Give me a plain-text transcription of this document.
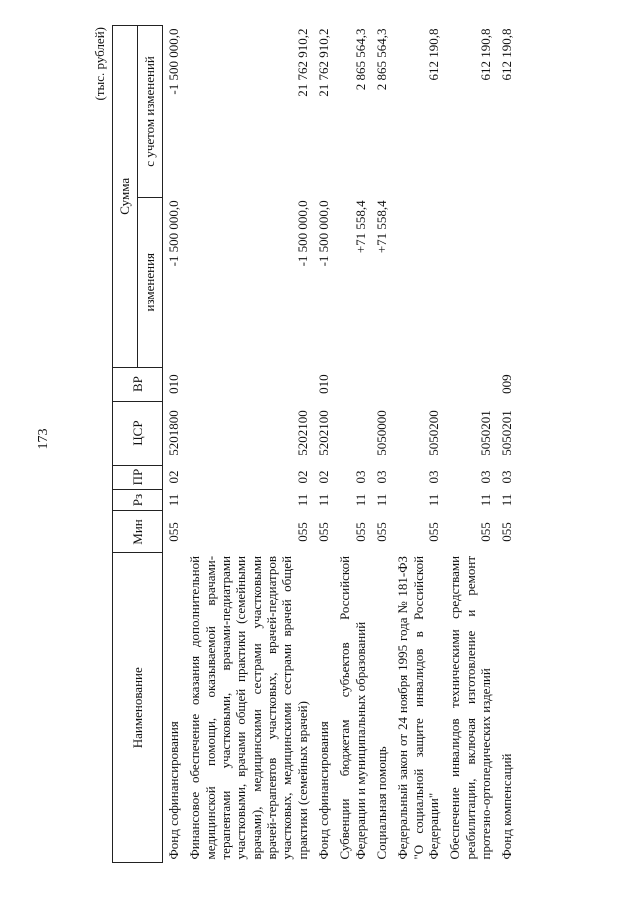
173
(тыс. рублей)
Наименование	Мин	Рз	ПР	ЦСР	ВР	Сумма	
						изменения	с учетом изменений
Фонд софинансирования	055	11	02	5201800	010	-1 500 000,0	-1 500 000,0
Финансовое обеспечение оказания дополнительной медицинской помощи, оказываемой врачами-терапевтами участковыми, врачами-педиатрами участковыми, врачами общей практики (семейными врачами), медицинскими сестрами участковыми врачей-терапевтов участковых, врачей-педиатров участковых, медицинскими сестрами врачей общей практики (семейных врачей)	055	11	02	5202100		-1 500 000,0	21 762 910,2
Фонд софинансирования	055	11	02	5202100	010	-1 500 000,0	21 762 910,2
Субвенции бюджетам субъектов Российской Федерации и муниципальных образований	055	11	03			+71 558,4	2 865 564,3
Социальная помощь	055	11	03	5050000		+71 558,4	2 865 564,3
Федеральный закон от 24 ноября 1995 года № 181-ФЗ "О социальной защите инвалидов в Российской Федерации"	055	11	03	5050200			612 190,8
Обеспечение инвалидов техническими средствами реабилитации, включая изготовление и ремонт протезно-ортопедических изделий	055	11	03	5050201			612 190,8
Фонд компенсаций	055	11	03	5050201	009		612 190,8
